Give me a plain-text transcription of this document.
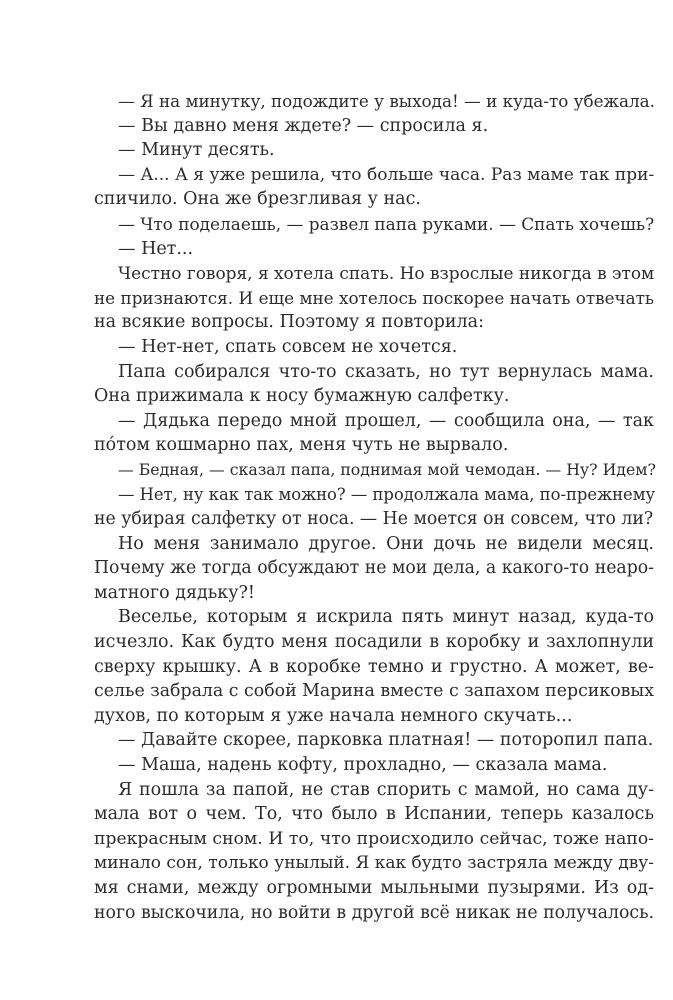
— Я на минутку, подождите у выхода! — и куда-то убежала.
— Вы давно меня ждете? — спросила я.
— Минут десять.
— А... А я уже решила, что больше часа. Раз маме так при-
спичило. Она же брезгливая у нас.
— Что поделаешь, — развел папа руками. — Спать хочешь?
— Нет...
Честно говоря, я хотела спать. Но взрослые никогда в этом
не признаются. И еще мне хотелось поскорее начать отвечать
на всякие вопросы. Поэтому я повторила:
— Нет-нет, спать совсем не хочется.
Папа собирался что-то сказать, но тут вернулась мама.
Она прижимала к носу бумажную салфетку.
— Дядька передо мной прошел, — сообщила она, — так
пóтом кошмарно пах, меня чуть не вырвало.
— Бедная, — сказал папа, поднимая мой чемодан. — Ну? Идем?
— Нет, ну как так можно? — продолжала мама, по-прежнему
не убирая салфетку от носа. — Не моется он совсем, что ли?
Но меня занимало другое. Они дочь не видели месяц.
Почему же тогда обсуждают не мои дела, а какого-то неаро-
матного дядьку?!
Веселье, которым я искрила пять минут назад, куда-то
исчезло. Как будто меня посадили в коробку и захлопнули
сверху крышку. А в коробке темно и грустно. А может, ве-
селье забрала с собой Марина вместе с запахом персиковых
духов, по которым я уже начала немного скучать...
— Давайте скорее, парковка платная! — поторопил папа.
— Маша, надень кофту, прохладно, — сказала мама.
Я пошла за папой, не став спорить с мамой, но сама ду-
мала вот о чем. То, что было в Испании, теперь казалось
прекрасным сном. И то, что происходило сейчас, тоже напо-
минало сон, только унылый. Я как будто застряла между дву-
мя снами, между огромными мыльными пузырями. Из од-
ного выскочила, но войти в другой всё никак не получалось.
